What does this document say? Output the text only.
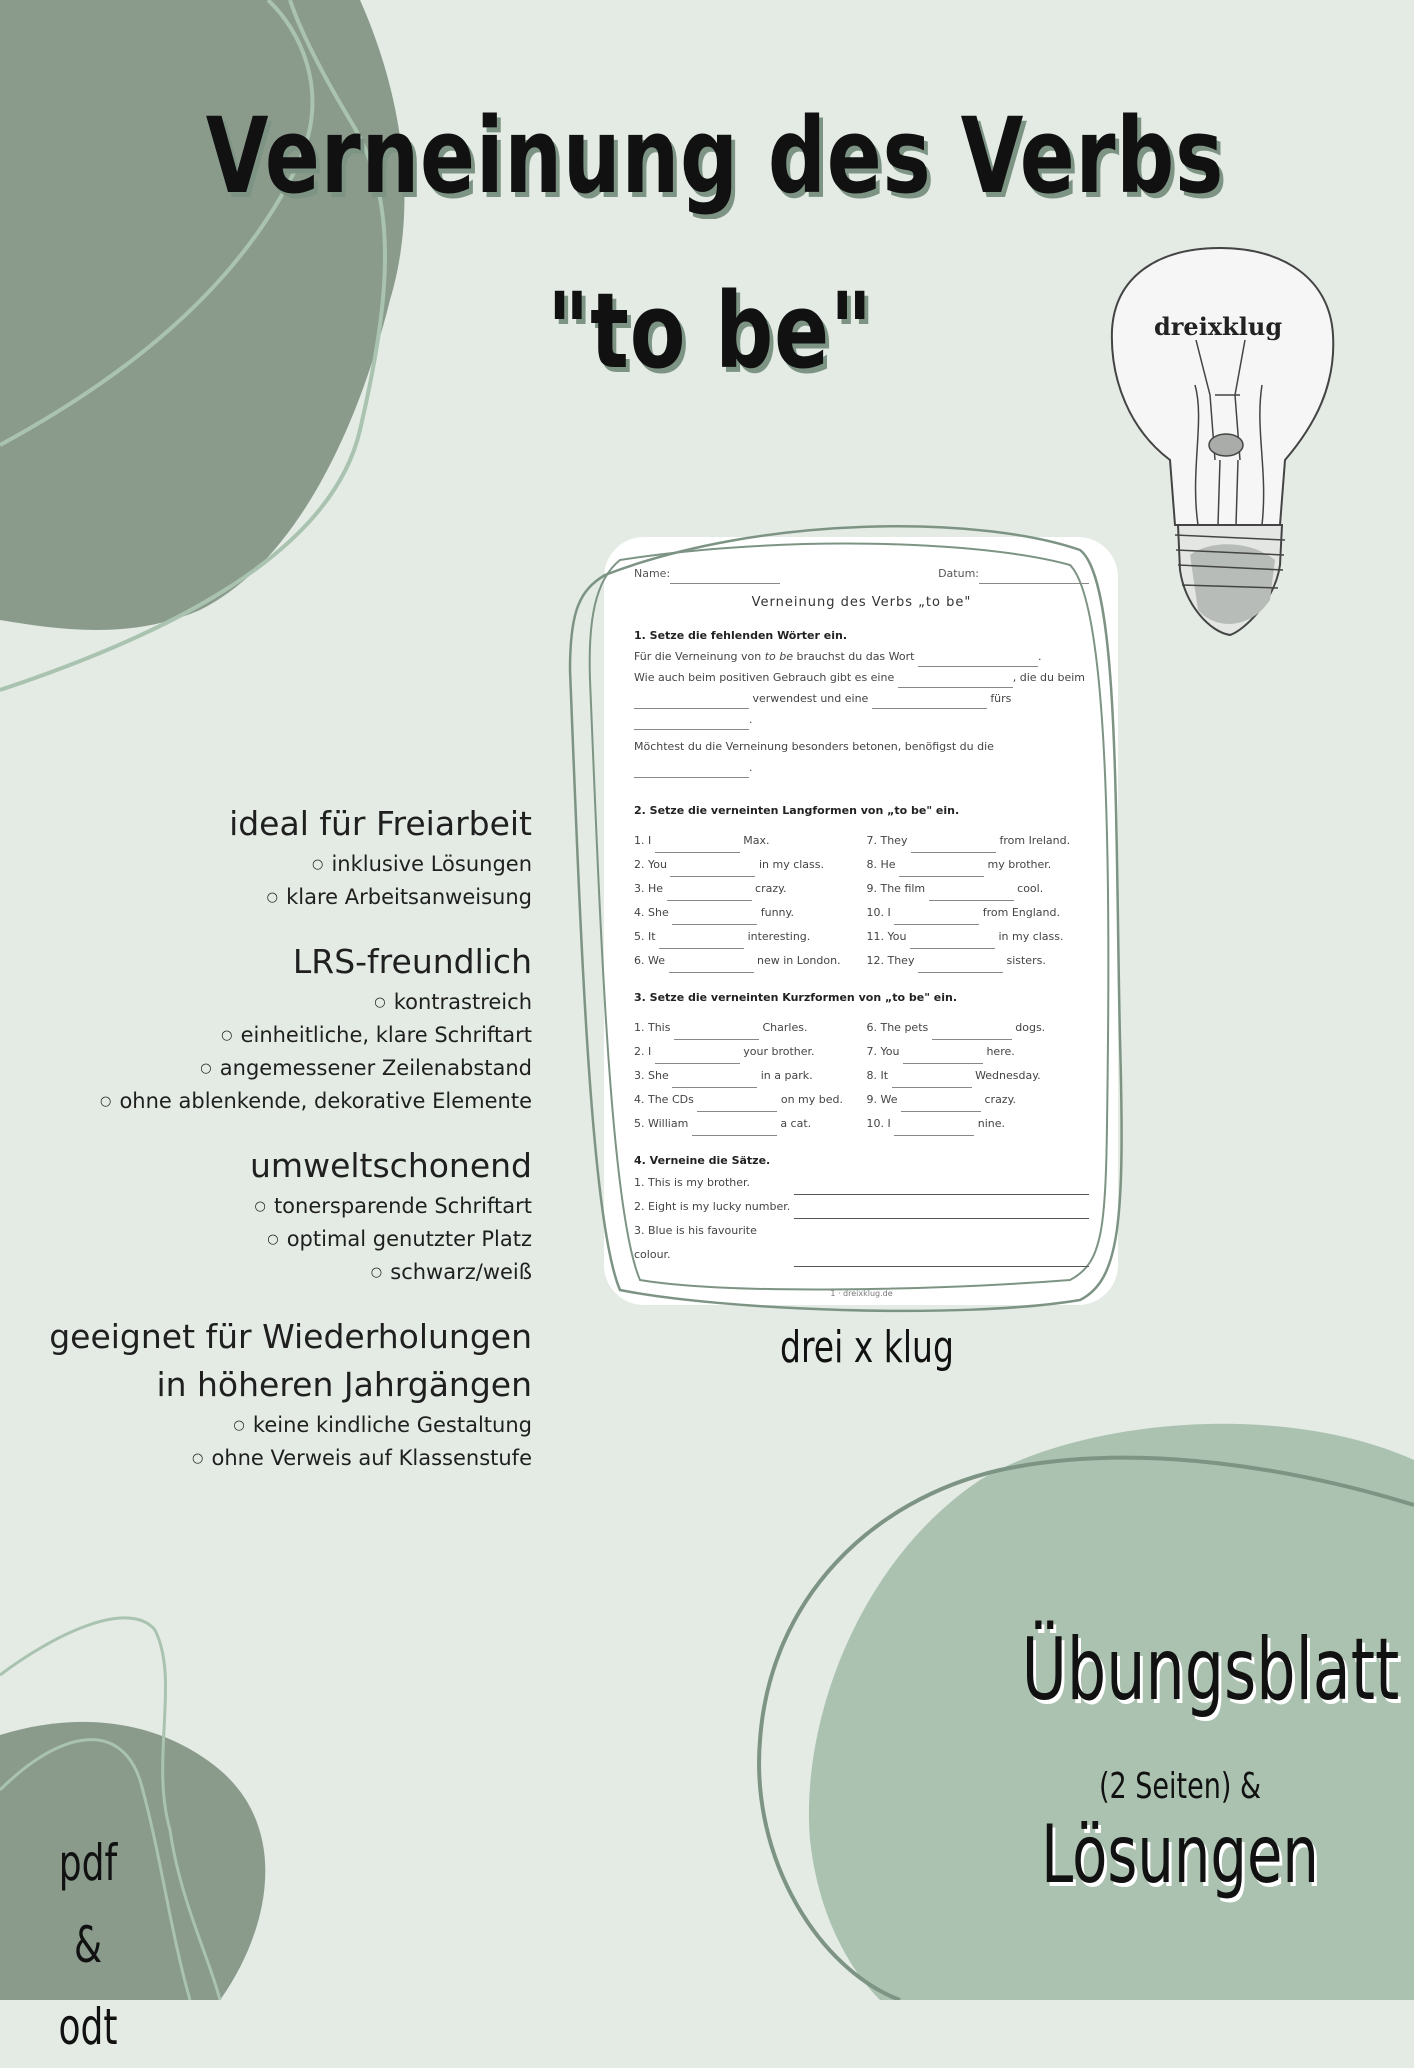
dreixklug
Verneinung des Verbs
"to be"
ideal für Freiarbeit
○ inklusive Lösungen
○ klare Arbeitsanweisung
LRS-freundlich
○ kontrastreich
○ einheitliche, klare Schriftart
○ angemessener Zeilenabstand
○ ohne ablenkende, dekorative Elemente
umweltschonend
○ tonersparende Schriftart
○ optimal genutzter Platz
○ schwarz/weiß
geeignet für Wiederholungen in höheren Jahrgängen
○ keine kindliche Gestaltung
○ ohne Verweis auf Klassenstufe
Name:	Datum:
Verneinung des Verbs „to be"
1. Setze die fehlenden Wörter ein.
Für die Verneinung von to be brauchst du das Wort	.
Wie auch beim positiven Gebrauch gibt es eine	, die du beim
verwendest und eine	fürs
.
Möchtest du die Verneinung besonders betonen, benöfigst du die
.
2. Setze die verneinten Langformen von „to be" ein.
1. I	Max.	7. They	from Ireland.
2. You	in my class.	8. He	my brother.
3. He	crazy.	9. The film	cool.
4. She	funny.	10. I	from England.
5. It	interesting.	11. You	in my class.
6. We	new in London.	12. They	sisters.
3. Setze die verneinten Kurzformen von „to be" ein.
1. This	Charles.	6. The pets	dogs.
2. I	your brother.	7. You	here.
3. She	in a park.	8. It	Wednesday.
4. The CDs	on my bed.	9. We	crazy.
5. William	a cat.	10. I	nine.
4. Verneine die Sätze.
1. This is my brother.
2. Eight is my lucky number.
3. Blue is his favourite colour.
1 · dreixklug.de
drei x klug
Übungsblatt
(2 Seiten) &
Lösungen
pdf &
odt
